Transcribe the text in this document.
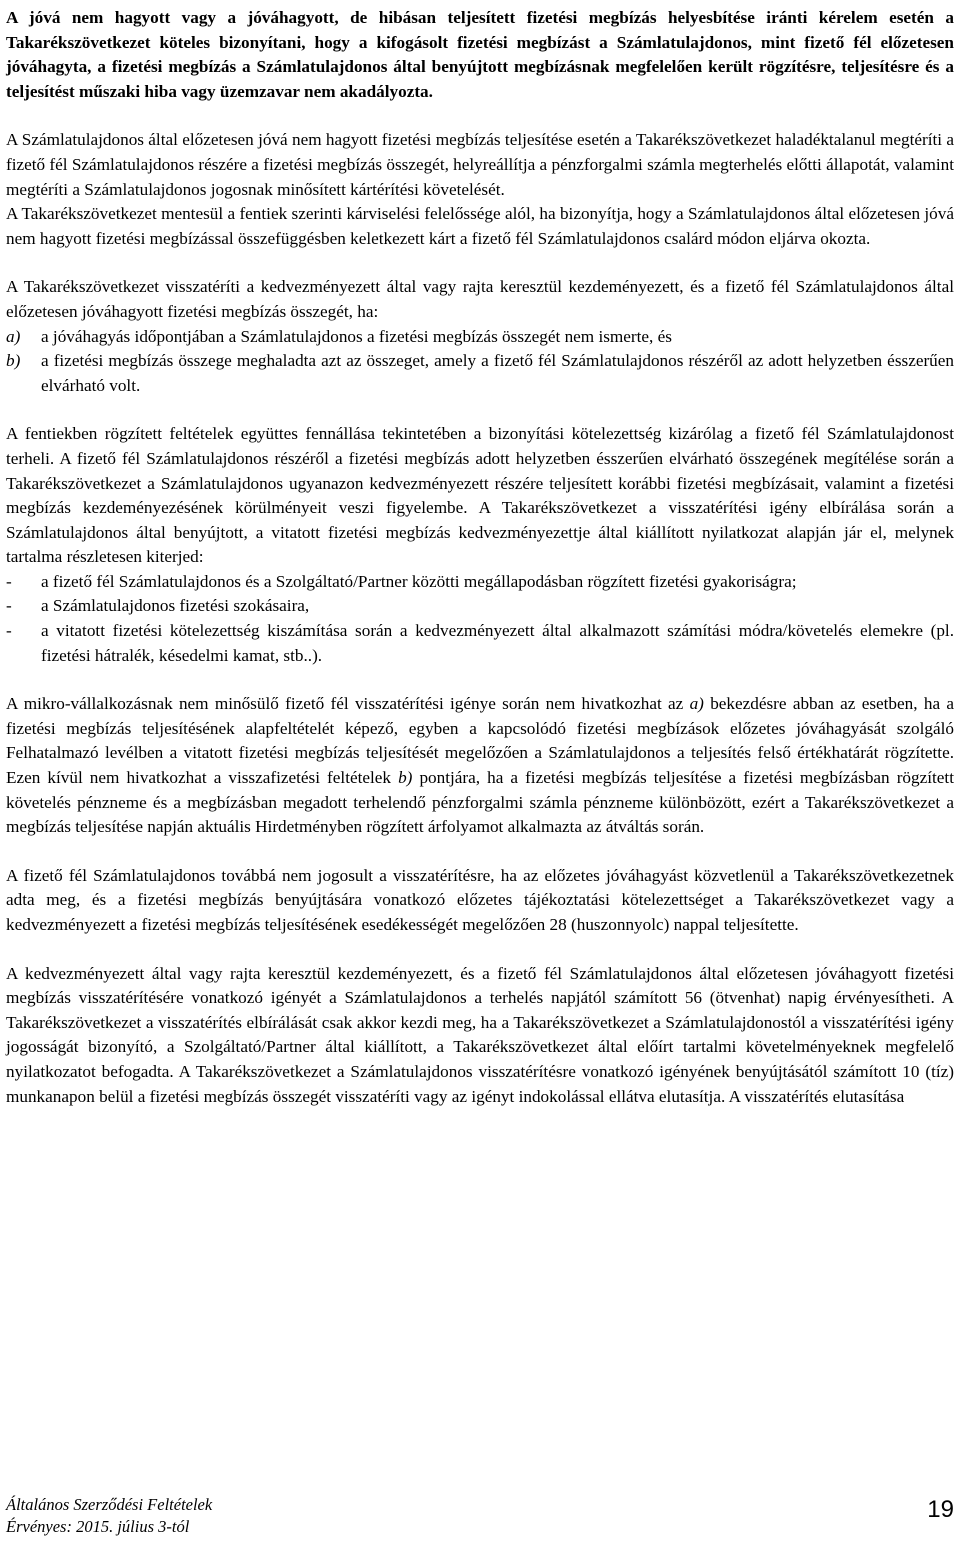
A jóvá nem hagyott vagy a jóváhagyott, de hibásan teljesített fizetési megbízás helyesbítése iránti kérelem esetén a Takarékszövetkezet köteles bizonyítani, hogy a kifogásolt fizetési megbízást a Számlatulajdonos, mint fizető fél előzetesen jóváhagyta, a fizetési megbízás a Számlatulajdonos által benyújtott megbízásnak megfelelően került rögzítésre, teljesítésre és a teljesítést műszaki hiba vagy üzemzavar nem akadályozta.

A Számlatulajdonos által előzetesen jóvá nem hagyott fizetési megbízás teljesítése esetén a Takarékszövetkezet haladéktalanul megtéríti a fizető fél Számlatulajdonos részére a fizetési megbízás összegét, helyreállítja a pénzforgalmi számla megterhelés előtti állapotát, valamint megtéríti a Számlatulajdonos jogosnak minősített kártérítési követelését.

A Takarékszövetkezet mentesül a fentiek szerinti kárviselési felelőssége alól, ha bizonyítja, hogy a Számlatulajdonos által előzetesen jóvá nem hagyott fizetési megbízással összefüggésben keletkezett kárt a fizető fél Számlatulajdonos csalárd módon eljárva okozta.

A Takarékszövetkezet visszatéríti a kedvezményezett által vagy rajta keresztül kezdeményezett, és a fizető fél Számlatulajdonos által előzetesen jóváhagyott fizetési megbízás összegét, ha:

a) a jóváhagyás időpontjában a Számlatulajdonos a fizetési megbízás összegét nem ismerte, és
b) a fizetési megbízás összege meghaladta azt az összeget, amely a fizető fél Számlatulajdonos részéről az adott helyzetben ésszerűen elvárható volt.

A fentiekben rögzített feltételek együttes fennállása tekintetében a bizonyítási kötelezettség kizárólag a fizető fél Számlatulajdonost terheli. A fizető fél Számlatulajdonos részéről a fizetési megbízás adott helyzetben ésszerűen elvárható összegének megítélése során a Takarékszövetkezet a Számlatulajdonos ugyanazon kedvezményezett részére teljesített korábbi fizetési megbízásait, valamint a fizetési megbízás kezdeményezésének körülményeit veszi figyelembe. A Takarékszövetkezet a visszatérítési igény elbírálása során a Számlatulajdonos által benyújtott, a vitatott fizetési megbízás kedvezményezettje által kiállított nyilatkozat alapján jár el, melynek tartalma részletesen kiterjed:

- a fizető fél Számlatulajdonos és a Szolgáltató/Partner közötti megállapodásban rögzített fizetési gyakoriságra;
- a Számlatulajdonos fizetési szokásaira,
- a vitatott fizetési kötelezettség kiszámítása során a kedvezményezett által alkalmazott számítási módra/követelés elemekre (pl. fizetési hátralék, késedelmi kamat, stb..).

A mikro-vállalkozásnak nem minősülő fizető fél visszatérítési igénye során nem hivatkozhat az a) bekezdésre abban az esetben, ha a fizetési megbízás teljesítésének alapfeltételét képező, egyben a kapcsolódó fizetési megbízások előzetes jóváhagyását szolgáló Felhatalmazó levélben a vitatott fizetési megbízás teljesítését megelőzően a Számlatulajdonos a teljesítés felső értékhatárát rögzítette. Ezen kívül nem hivatkozhat a visszafizetési feltételek b) pontjára, ha a fizetési megbízás teljesítése a fizetési megbízásban rögzített követelés pénzneme és a megbízásban megadott terhelendő pénzforgalmi számla pénzneme különbözött, ezért a Takarékszövetkezet a megbízás teljesítése napján aktuális Hirdetményben rögzített árfolyamot alkalmazta az átváltás során.

A fizető fél Számlatulajdonos továbbá nem jogosult a visszatérítésre, ha az előzetes jóváhagyást közvetlenül a Takarékszövetkezetnek adta meg, és a fizetési megbízás benyújtására vonatkozó előzetes tájékoztatási kötelezettséget a Takarékszövetkezet vagy a kedvezményezett a fizetési megbízás teljesítésének esedékességét megelőzően 28 (huszonnyolc) nappal teljesítette.

A kedvezményezett által vagy rajta keresztül kezdeményezett, és a fizető fél Számlatulajdonos által előzetesen jóváhagyott fizetési megbízás visszatérítésére vonatkozó igényét a Számlatulajdonos a terhelés napjától számított 56 (ötvenhat) napig érvényesítheti. A Takarékszövetkezet a visszatérítés elbírálását csak akkor kezdi meg, ha a Takarékszövetkezet a Számlatulajdonostól a visszatérítési igény jogosságát bizonyító, a Szolgáltató/Partner által kiállított, a Takarékszövetkezet által előírt tartalmi követelményeknek megfelelő nyilatkozatot befogadta. A Takarékszövetkezet a Számlatulajdonos visszatérítésre vonatkozó igényének benyújtásától számított 10 (tíz) munkanapon belül a fizetési megbízás összegét visszatéríti vagy az igényt indokolással ellátva elutasítja. A visszatérítés elutasítása

Általános Szerződési Feltételek
Érvényes: 2015. július 3-tól
19
